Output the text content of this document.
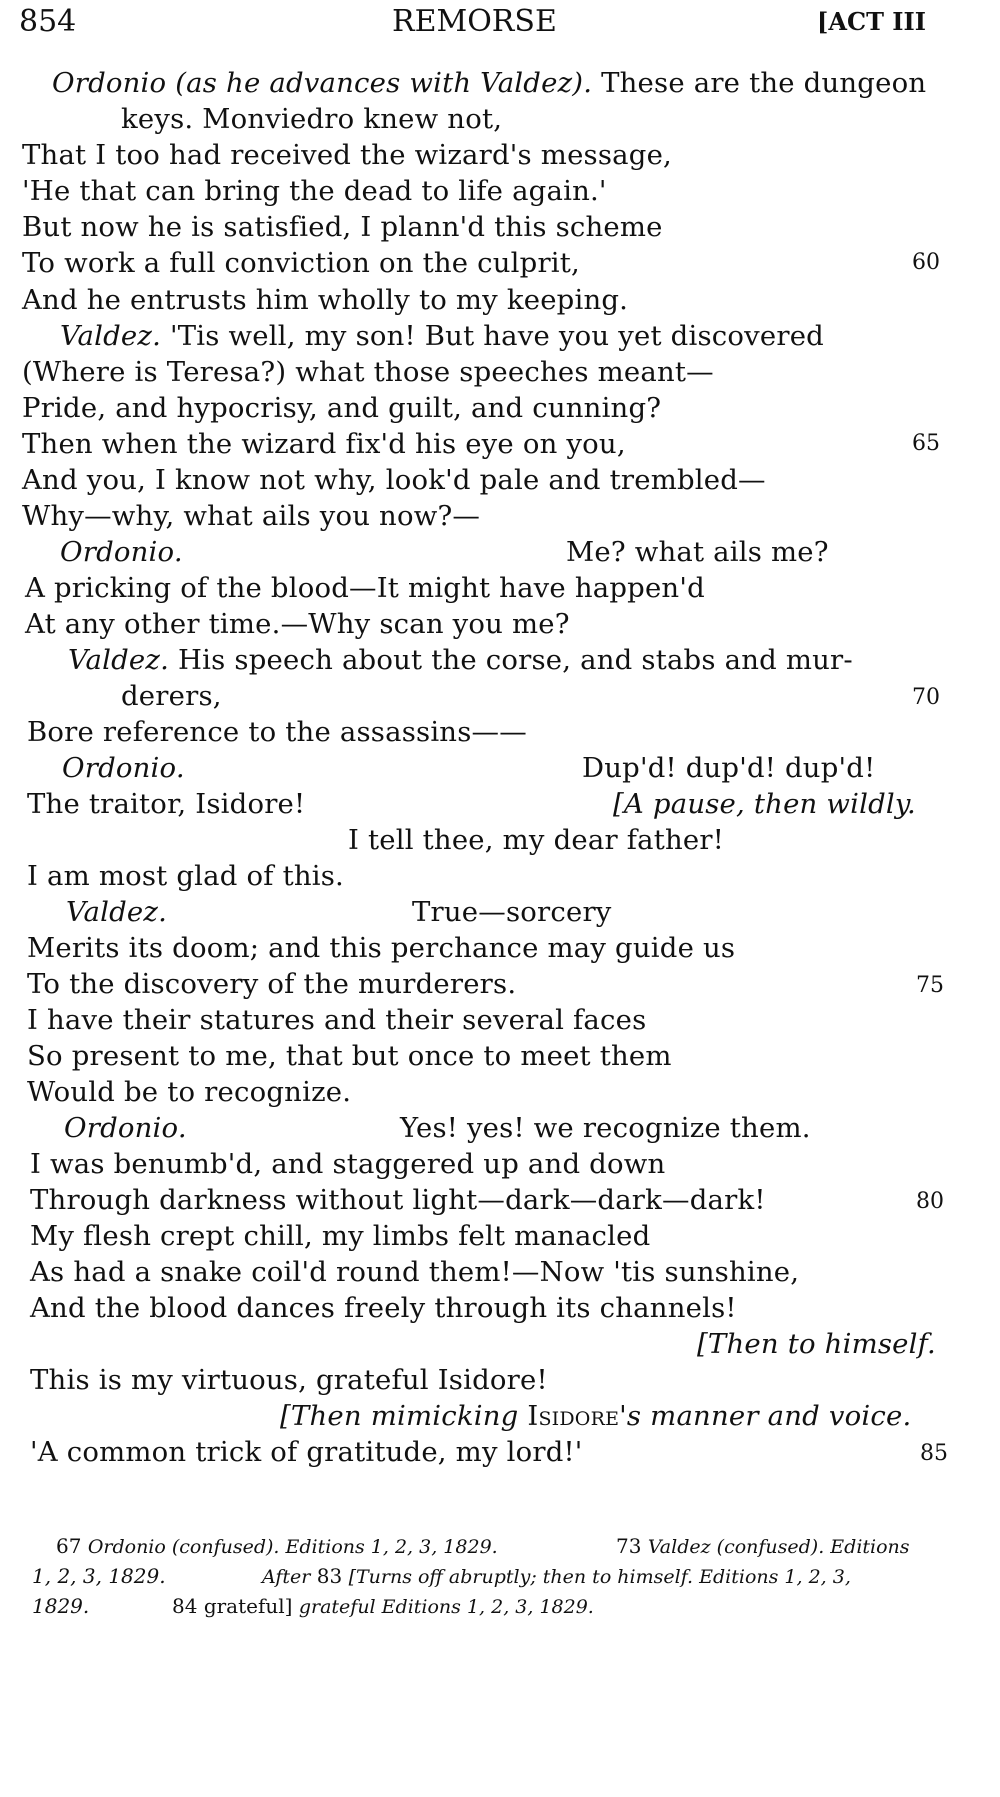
854	REMORSE	[ACT III
Ordonio (as he advances with Valdez). These are the dungeon
keys. Monviedro knew not,
That I too had received the wizard's message,
'He that can bring the dead to life again.'
But now he is satisfied, I plann'd this scheme
To work a full conviction on the culprit,	60
And he entrusts him wholly to my keeping.
Valdez. 'Tis well, my son! But have you yet discovered
(Where is Teresa?) what those speeches meant—
Pride, and hypocrisy, and guilt, and cunning?
Then when the wizard fix'd his eye on you,	65
And you, I know not why, look'd pale and trembled—
Why—why, what ails you now?—
Ordonio.	Me? what ails me?
A pricking of the blood—It might have happen'd
At any other time.—Why scan you me?
Valdez. His speech about the corse, and stabs and mur-
derers,	70
Bore reference to the assassins——
Ordonio.	Dup'd! dup'd! dup'd!
The traitor, Isidore!	[A pause, then wildly.
I tell thee, my dear father!
I am most glad of this.
Valdez.	True—sorcery
Merits its doom; and this perchance may guide us
To the discovery of the murderers.	75
I have their statures and their several faces
So present to me, that but once to meet them
Would be to recognize.
Ordonio.	Yes! yes! we recognize them.
I was benumb'd, and staggered up and down
Through darkness without light—dark—dark—dark!	80
My flesh crept chill, my limbs felt manacled
As had a snake coil'd round them!—Now 'tis sunshine,
And the blood dances freely through its channels!
[Then to himself.
This is my virtuous, grateful Isidore!
[Then mimicking Isidore's manner and voice.
'A common trick of gratitude, my lord!'	85
67 Ordonio (confused). Editions 1, 2, 3, 1829.	73 Valdez (confused). Editions
1, 2, 3, 1829.	After 83 [Turns off abruptly; then to himself. Editions 1, 2, 3,
1829.	84 grateful] grateful Editions 1, 2, 3, 1829.
